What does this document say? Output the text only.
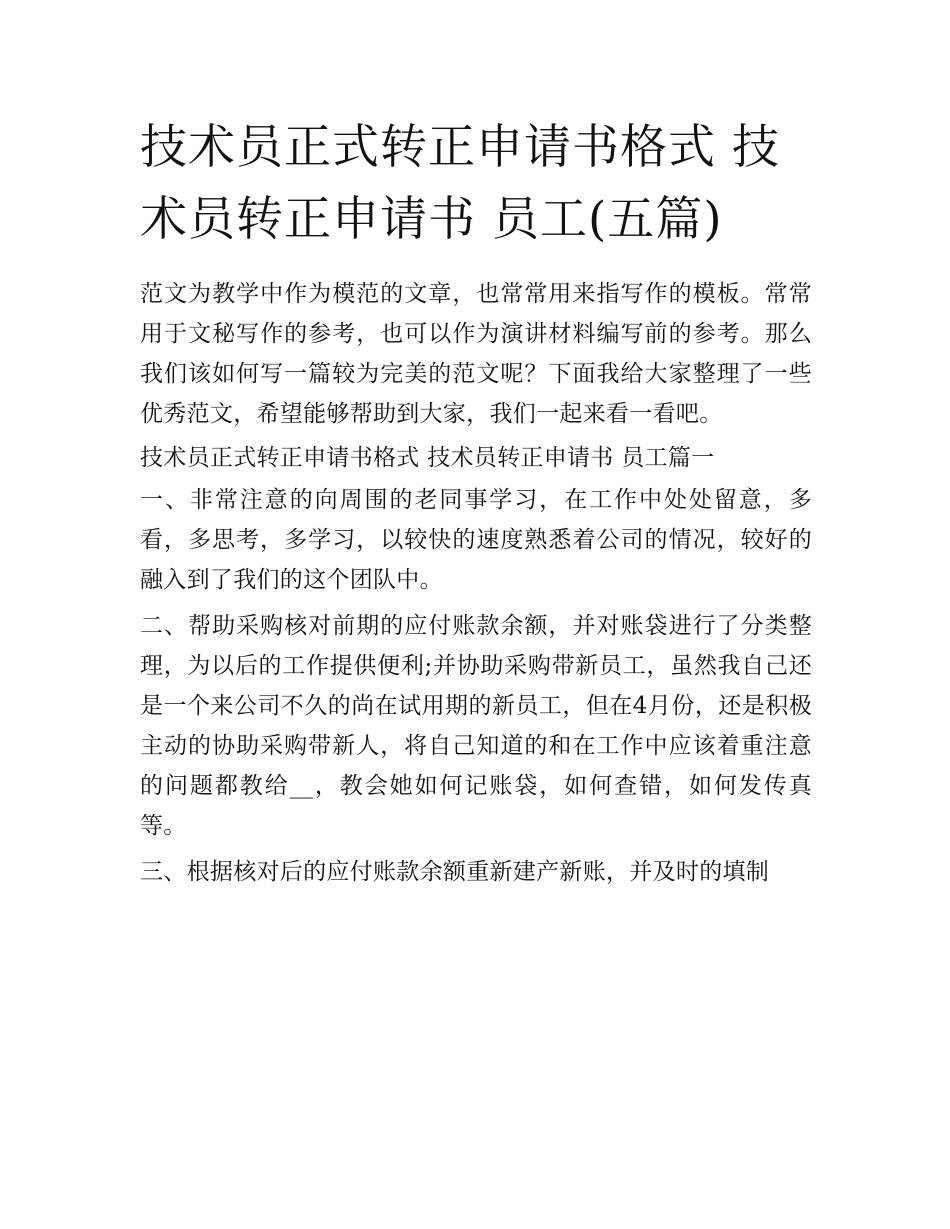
技术员正式转正申请书格式 技术员转正申请书 员工(五篇)

范文为教学中作为模范的文章，也常常用来指写作的模板。常常用于文秘写作的参考，也可以作为演讲材料编写前的参考。那么我们该如何写一篇较为完美的范文呢？下面我给大家整理了一些优秀范文，希望能够帮助到大家，我们一起来看一看吧。

技术员正式转正申请书格式 技术员转正申请书 员工篇一

一、非常注意的向周围的老同事学习，在工作中处处留意，多看，多思考，多学习，以较快的速度熟悉着公司的情况，较好的融入到了我们的这个团队中。

二、帮助采购核对前期的应付账款余额，并对账袋进行了分类整理，为以后的工作提供便利;并协助采购带新员工，虽然我自己还是一个来公司不久的尚在试用期的新员工，但在4月份，还是积极主动的协助采购带新人，将自己知道的和在工作中应该着重注意的问题都教给__，教会她如何记账袋，如何查错，如何发传真等。

三、根据核对后的应付账款余额重新建产新账，并及时的填制
